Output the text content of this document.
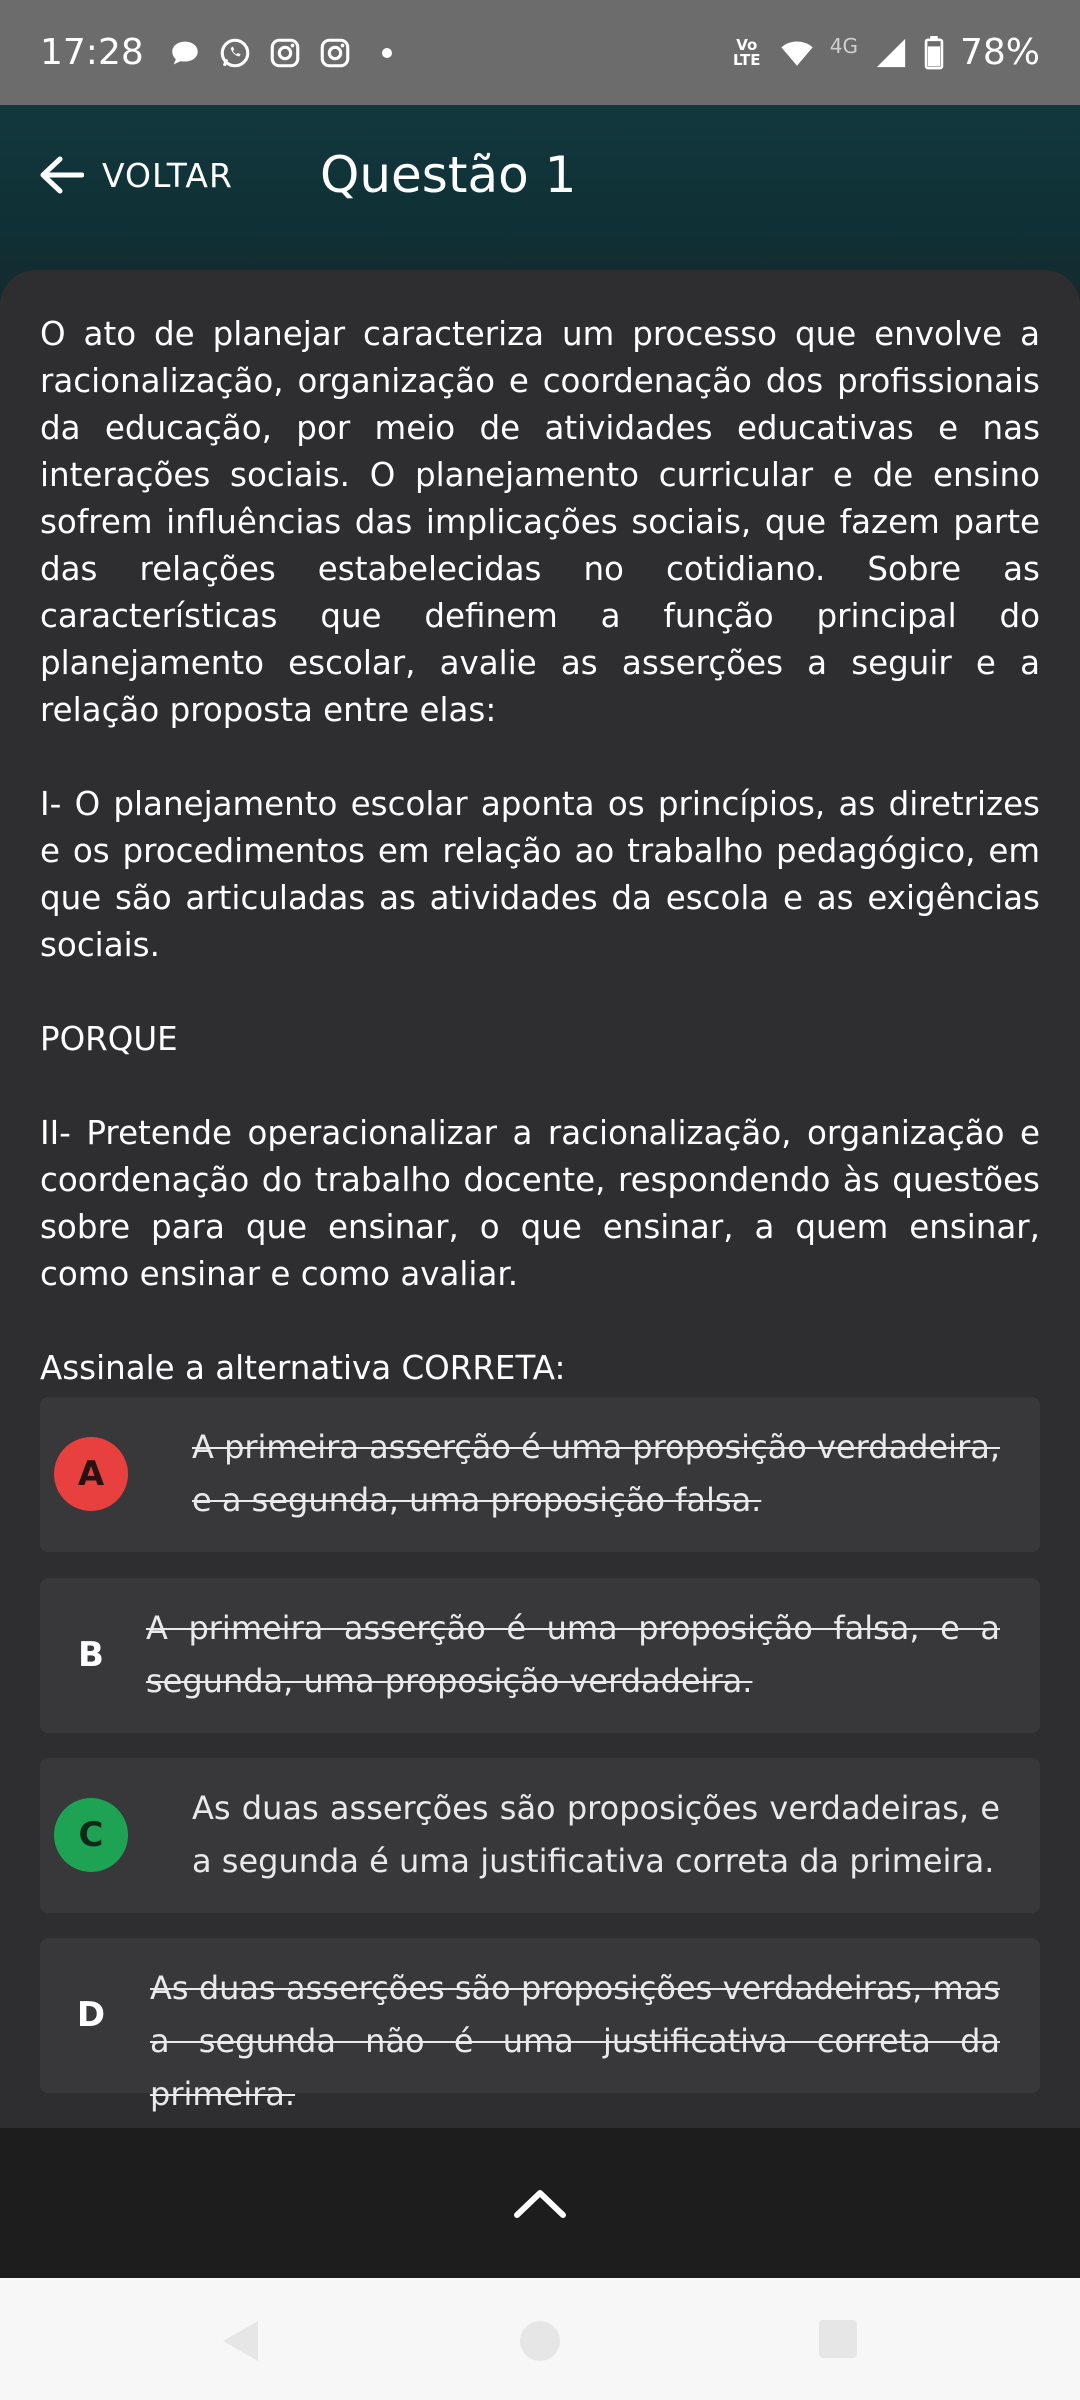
17:28	Vo LTE
4G	78%
VOLTAR Questão 1

O ato de planejar caracteriza um processo que envolve a racionalização, organização e coordenação dos profissionais da educação, por meio de atividades educativas e nas interações sociais. O planejamento curricular e de ensino sofrem influências das implicações sociais, que fazem parte das relações estabelecidas no cotidiano. Sobre as características que definem a função principal do planejamento escolar, avalie as asserções a seguir e a relação proposta entre elas:

I- O planejamento escolar aponta os princípios, as diretrizes e os procedimentos em relação ao trabalho pedagógico, em que são articuladas as atividades da escola e as exigências sociais.

PORQUE

II- Pretende operacionalizar a racionalização, organização e coordenação do trabalho docente, respondendo às questões sobre para que ensinar, o que ensinar, a quem ensinar, como ensinar e como avaliar.

Assinale a alternativa CORRETA:

A
A primeira asserção é uma proposição verdadeira, e a segunda, uma proposição falsa.
B
A primeira asserção é uma proposição falsa, e a segunda, uma proposição verdadeira.
C
As duas asserções são proposições verdadeiras, e a segunda é uma justificativa correta da primeira.
D
As duas asserções são proposições verdadeiras, mas a segunda não é uma justificativa correta da primeira.
